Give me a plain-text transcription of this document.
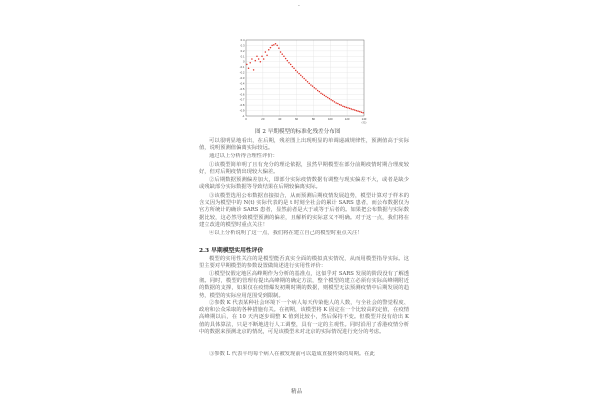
·
0.4
0.3
0.2
0.1
0
-0.1
-0.2
-0.3
-0.4
-0.5
-0.6
-0.7
-0.8
-0.9
-1
0	20	40	60	80	100	120	140
(天)
图 2 早期模型的标准化残差分布图
可以很明显地看出，在后期，残差图上出现明显的单调递减规律性，预测值高于实际值，说明预测值偏离实际较远。
通过以上分析得合理性评价：
①该模型简单明了且有充分的理论依据，虽然早期模型在部分前期疫情时期合理度较好，但对后期疫情出现较大偏差。
②后期数据预测偏差加大，即部分实际疫情数据有调整与现实偏差不大，或者是缺少或残缺部分实际数据等导致结果在后期较偏离实际。
③该模型选用公布数据直接拟合，从而预测后期疫情发展趋势，模型计算对于样本的含义因为模型中的 N(t) 实际代表的是 t 时刻全社会的累计 SARS 患者，而公布数据仅为官方所统计的确诊 SARS 患者，显然前者是大于或等于后者的。如果把公布数据与实际数据比较，这必然导致模型预测的偏差，且解析的实际意义不明确。对于这一点，我们将在建立改进的模型时重点关注！
④以上分析说明了这一点，我们将在建立自己的模型时重点关注！
2.3 早期模型实用性评价
模型的实用性关注的是模型能否真实全面的模拟真实情况，从而用模型指导实际。这里主要对早期模型的参数设置做简述进行实用性评价：
①模型仅假定地区高峰期作为分析的基准点，这似乎对 SARS 发展的阶段没有了解透彻。同时，模型的管理有提出高峰期的确定方法，整个模型的建立必须有实际高峰期附近的数据的支撑，如果仅在疫情爆发初期时期的数据，则模型无法预测疫情中后期发展的趋势，模型的实际应用范围受到限制。
②参数 K 代表某种社会环境下一个病人每天传染他人的人数，与全社会的警觉程度、政府和公众采取的各种措施有关。在初期，该模型将 K 固定在一个比较高的定值，在疫情高峰期以后，在 10 天内逐步调整 K 值到比较小，然后保持不变。但模型并没有给出 K 值的具体算法，只是不断地进行人工调整，具有一定的主观性。同时沿用了香港疫情分析中的数据来预测北京的情况，可见该模型未对北京的实际情况进行充分的考虑。
③参数 L 代表平均每个病人在被发现前可以造成直接传染的周期。在此
精品
